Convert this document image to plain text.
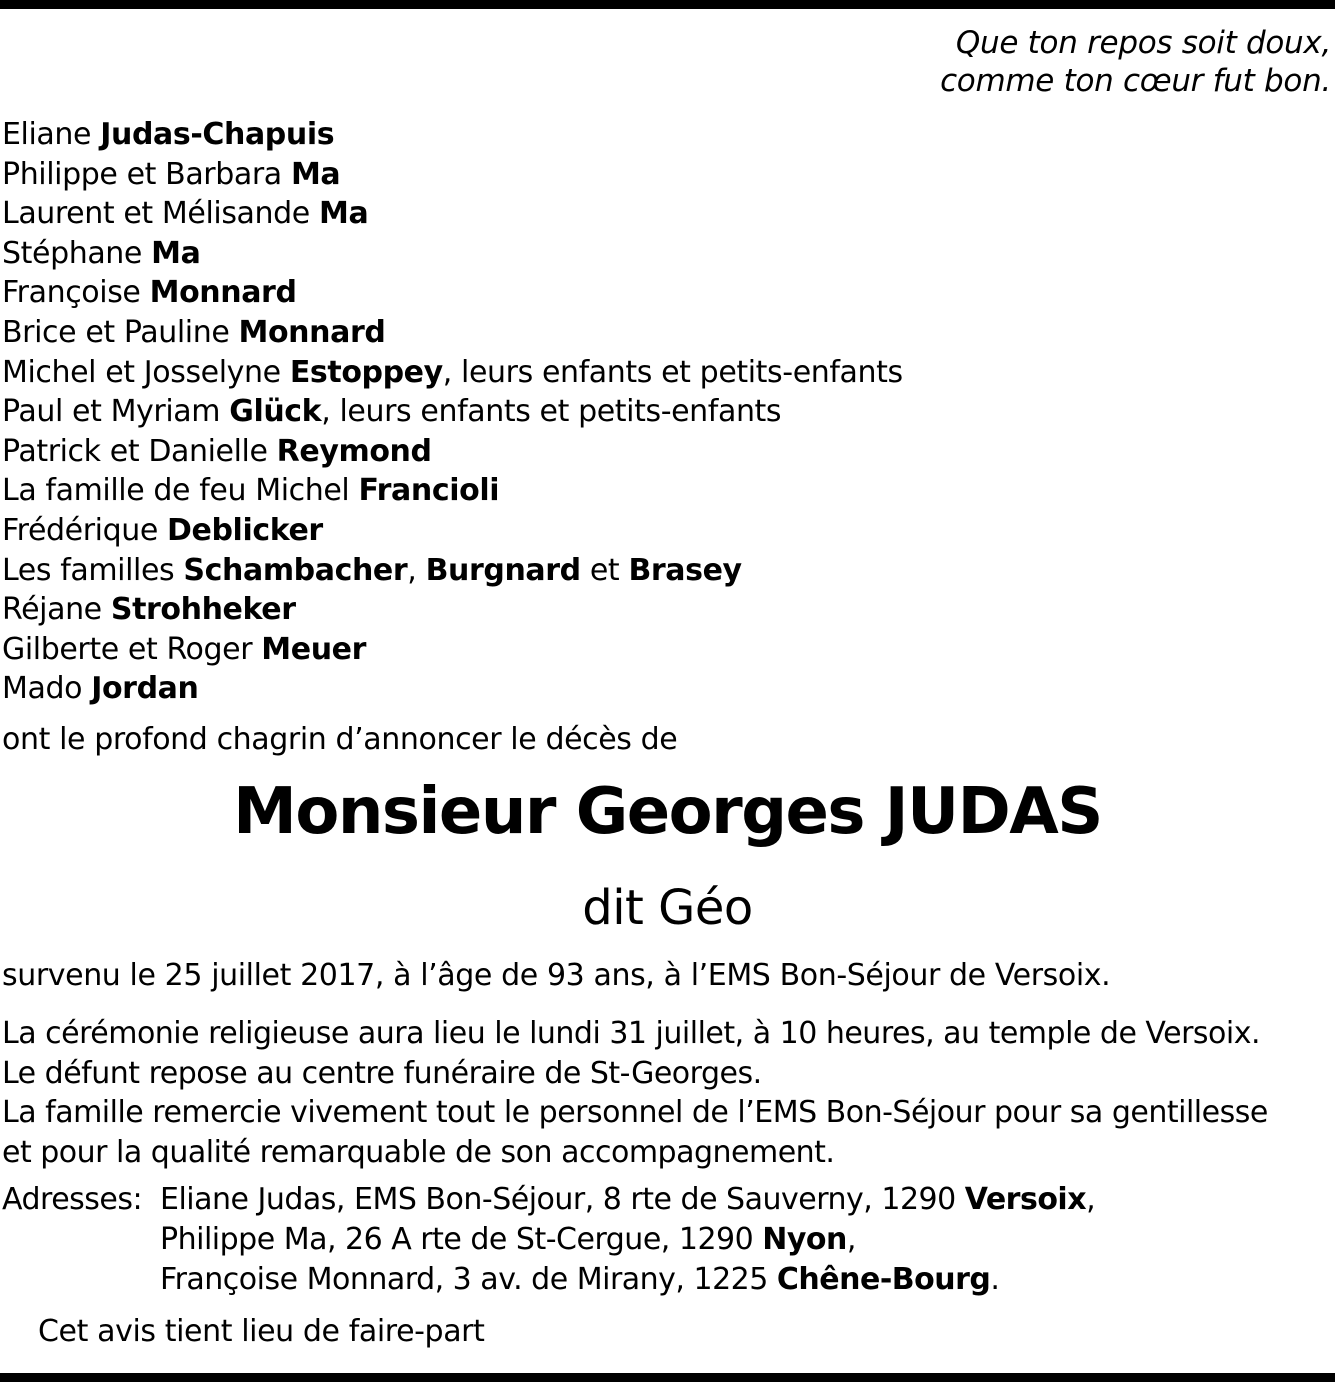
Que ton repos soit doux,
comme ton cœur fut bon.
Eliane Judas-Chapuis
Philippe et Barbara Ma
Laurent et Mélisande Ma
Stéphane Ma
Françoise Monnard
Brice et Pauline Monnard
Michel et Josselyne Estoppey, leurs enfants et petits-enfants
Paul et Myriam Glück, leurs enfants et petits-enfants
Patrick et Danielle Reymond
La famille de feu Michel Francioli
Frédérique Deblicker
Les familles Schambacher, Burgnard et Brasey
Réjane Strohheker
Gilberte et Roger Meuer
Mado Jordan
ont le profond chagrin d’annoncer le décès de
Monsieur Georges JUDAS
dit Géo
survenu le 25 juillet 2017, à l’âge de 93 ans, à l’EMS Bon-Séjour de Versoix.
La cérémonie religieuse aura lieu le lundi 31 juillet, à 10 heures, au temple de Versoix.
Le défunt repose au centre funéraire de St-Georges.
La famille remercie vivement tout le personnel de l’EMS Bon-Séjour pour sa gentillesse
et pour la qualité remarquable de son accompagnement.
Adresses: Eliane Judas, EMS Bon-Séjour, 8 rte de Sauverny, 1290 Versoix,
Philippe Ma, 26 A rte de St-Cergue, 1290 Nyon,
Françoise Monnard, 3 av. de Mirany, 1225 Chêne-Bourg.
Cet avis tient lieu de faire-part
